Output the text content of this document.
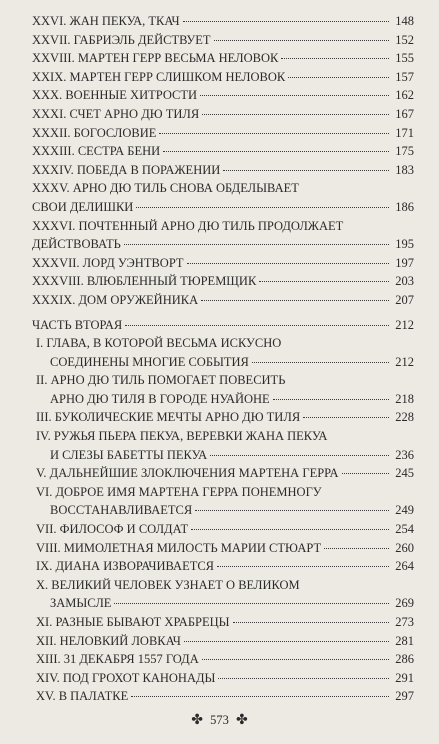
XXVI. ЖАН ПЕКУА, ТКАЧ	148
XXVII. ГАБРИЭЛЬ ДЕЙСТВУЕТ	152
XXVIII. МАРТЕН ГЕРР ВЕСЬМА НЕЛОВОК	155
XXIX. МАРТЕН ГЕРР СЛИШКОМ НЕЛОВОК	157
XXX. ВОЕННЫЕ ХИТРОСТИ	162
XXXI. СЧЕТ АРНО ДЮ ТИЛЯ	167
XXXII. БОГОСЛОВИЕ	171
XXXIII. СЕСТРА БЕНИ	175
XXXIV. ПОБЕДА В ПОРАЖЕНИИ	183
XXXV. АРНО ДЮ ТИЛЬ СНОВА ОБДЕЛЫВАЕТ
СВОИ ДЕЛИШКИ	186
XXXVI. ПОЧТЕННЫЙ АРНО ДЮ ТИЛЬ ПРОДОЛЖАЕТ
ДЕЙСТВОВАТЬ	195
XXXVII. ЛОРД УЭНТВОРТ	197
XXXVIII. ВЛЮБЛЕННЫЙ ТЮРЕМЩИК	203
XXXIX. ДОМ ОРУЖЕЙНИКА	207
ЧАСТЬ ВТОРАЯ	212
I. ГЛАВА, В КОТОРОЙ ВЕСЬМА ИСКУСНО
СОЕДИНЕНЫ МНОГИЕ СОБЫТИЯ	212
II. АРНО ДЮ ТИЛЬ ПОМОГАЕТ ПОВЕСИТЬ
АРНО ДЮ ТИЛЯ В ГОРОДЕ НУАЙОНЕ	218
III. БУКОЛИЧЕСКИЕ МЕЧТЫ АРНО ДЮ ТИЛЯ	228
IV. РУЖЬЯ ПЬЕРА ПЕКУА, ВЕРЕВКИ ЖАНА ПЕКУА
И СЛЕЗЫ БАБЕТТЫ ПЕКУА	236
V. ДАЛЬНЕЙШИЕ ЗЛОКЛЮЧЕНИЯ МАРТЕНА ГЕРРА	245
VI. ДОБРОЕ ИМЯ МАРТЕНА ГЕРРА ПОНЕМНОГУ
ВОССТАНАВЛИВАЕТСЯ	249
VII. ФИЛОСОФ И СОЛДАТ	254
VIII. МИМОЛЕТНАЯ МИЛОСТЬ МАРИИ СТЮАРТ	260
IX. ДИАНА ИЗВОРАЧИВАЕТСЯ	264
X. ВЕЛИКИЙ ЧЕЛОВЕК УЗНАЕТ О ВЕЛИКОМ
ЗАМЫСЛЕ	269
XI. РАЗНЫЕ БЫВАЮТ ХРАБРЕЦЫ	273
XII. НЕЛОВКИЙ ЛОВКАЧ	281
XIII. 31 ДЕКАБРЯ 1557 ГОДА	286
XIV. ПОД ГРОХОТ КАНОНАДЫ	291
XV. В ПАЛАТКЕ	297
✤ 573 ✤
